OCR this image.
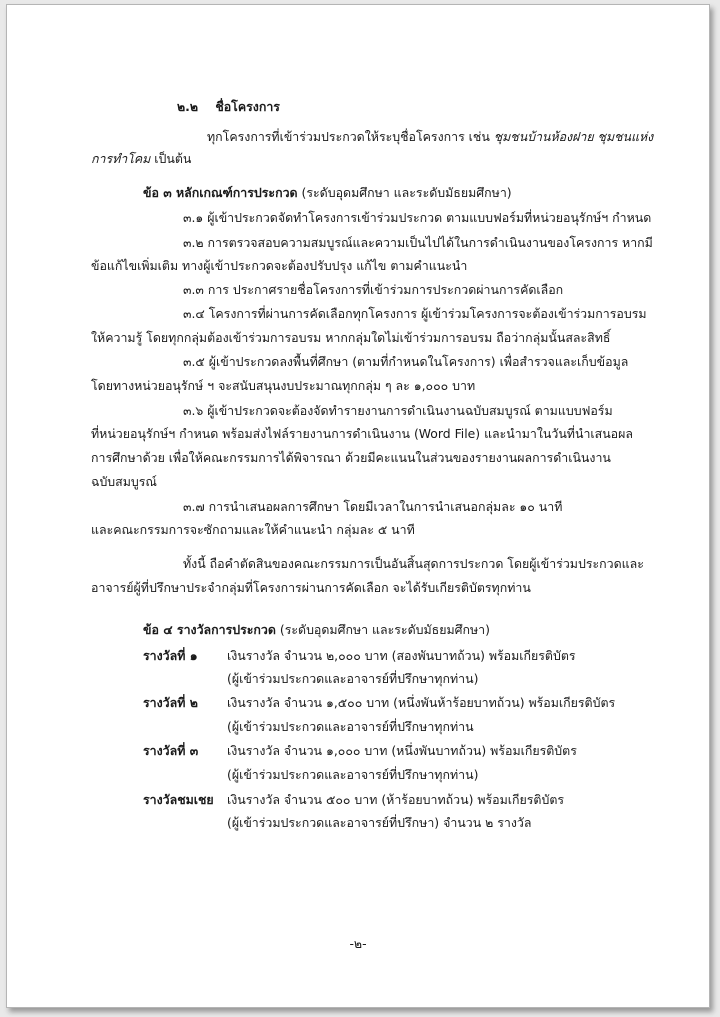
๒.๒ ชื่อโครงการ
ทุกโครงการที่เข้าร่วมประกวดให้ระบุชื่อโครงการ เช่น ชุมชนบ้านห้องฝาย ชุมชนแห่ง
การทำโคม เป็นต้น
ข้อ ๓ หลักเกณฑ์การประกวด (ระดับอุดมศึกษา และระดับมัธยมศึกษา)
๓.๑ ผู้เข้าประกวดจัดทำโครงการเข้าร่วมประกวด ตามแบบฟอร์มที่หน่วยอนุรักษ์ฯ กำหนด
๓.๒ การตรวจสอบความสมบูรณ์และความเป็นไปได้ในการดำเนินงานของโครงการ หากมี
ข้อแก้ไขเพิ่มเติม ทางผู้เข้าประกวดจะต้องปรับปรุง แก้ไข ตามคำแนะนำ
๓.๓ การ ประกาศรายชื่อโครงการที่เข้าร่วมการประกวดผ่านการคัดเลือก
๓.๔ โครงการที่ผ่านการคัดเลือกทุกโครงการ ผู้เข้าร่วมโครงการจะต้องเข้าร่วมการอบรม
ให้ความรู้ โดยทุกกลุ่มต้องเข้าร่วมการอบรม หากกลุ่มใดไม่เข้าร่วมการอบรม ถือว่ากลุ่มนั้นสละสิทธิ์
๓.๕ ผู้เข้าประกวดลงพื้นที่ศึกษา (ตามที่กำหนดในโครงการ) เพื่อสำรวจและเก็บข้อมูล
โดยทางหน่วยอนุรักษ์ ฯ จะสนับสนุนงบประมาณทุกกลุ่ม ๆ ละ ๑,๐๐๐ บาท
๓.๖ ผู้เข้าประกวดจะต้องจัดทำรายงานการดำเนินงานฉบับสมบูรณ์ ตามแบบฟอร์ม
ที่หน่วยอนุรักษ์ฯ กำหนด พร้อมส่งไฟล์รายงานการดำเนินงาน (Word File) และนำมาในวันที่นำเสนอผล
การศึกษาด้วย เพื่อให้คณะกรรมการได้พิจารณา ด้วยมีคะแนนในส่วนของรายงานผลการดำเนินงาน
ฉบับสมบูรณ์
๓.๗ การนำเสนอผลการศึกษา โดยมีเวลาในการนำเสนอกลุ่มละ ๑๐ นาที
และคณะกรรมการจะซักถามและให้คำแนะนำ กลุ่มละ ๕ นาที
ทั้งนี้ ถือคำตัดสินของคณะกรรมการเป็นอันสิ้นสุดการประกวด โดยผู้เข้าร่วมประกวดและ
อาจารย์ผู้ที่ปรึกษาประจำกลุ่มที่โครงการผ่านการคัดเลือก จะได้รับเกียรติบัตรทุกท่าน
ข้อ ๔ รางวัลการประกวด (ระดับอุดมศึกษา และระดับมัธยมศึกษา)
รางวัลที่ ๑ เงินรางวัล จำนวน ๒,๐๐๐ บาท (สองพันบาทถ้วน) พร้อมเกียรติบัตร
(ผู้เข้าร่วมประกวดและอาจารย์ที่ปรึกษาทุกท่าน)
รางวัลที่ ๒ เงินรางวัล จำนวน ๑,๕๐๐ บาท (หนึ่งพันห้าร้อยบาทถ้วน) พร้อมเกียรติบัตร
(ผู้เข้าร่วมประกวดและอาจารย์ที่ปรึกษาทุกท่าน
รางวัลที่ ๓ เงินรางวัล จำนวน ๑,๐๐๐ บาท (หนึ่งพันบาทถ้วน) พร้อมเกียรติบัตร
(ผู้เข้าร่วมประกวดและอาจารย์ที่ปรึกษาทุกท่าน)
รางวัลชมเชย เงินรางวัล จำนวน ๕๐๐ บาท (ห้าร้อยบาทถ้วน) พร้อมเกียรติบัตร
(ผู้เข้าร่วมประกวดและอาจารย์ที่ปรึกษา) จำนวน ๒ รางวัล
-๒-
